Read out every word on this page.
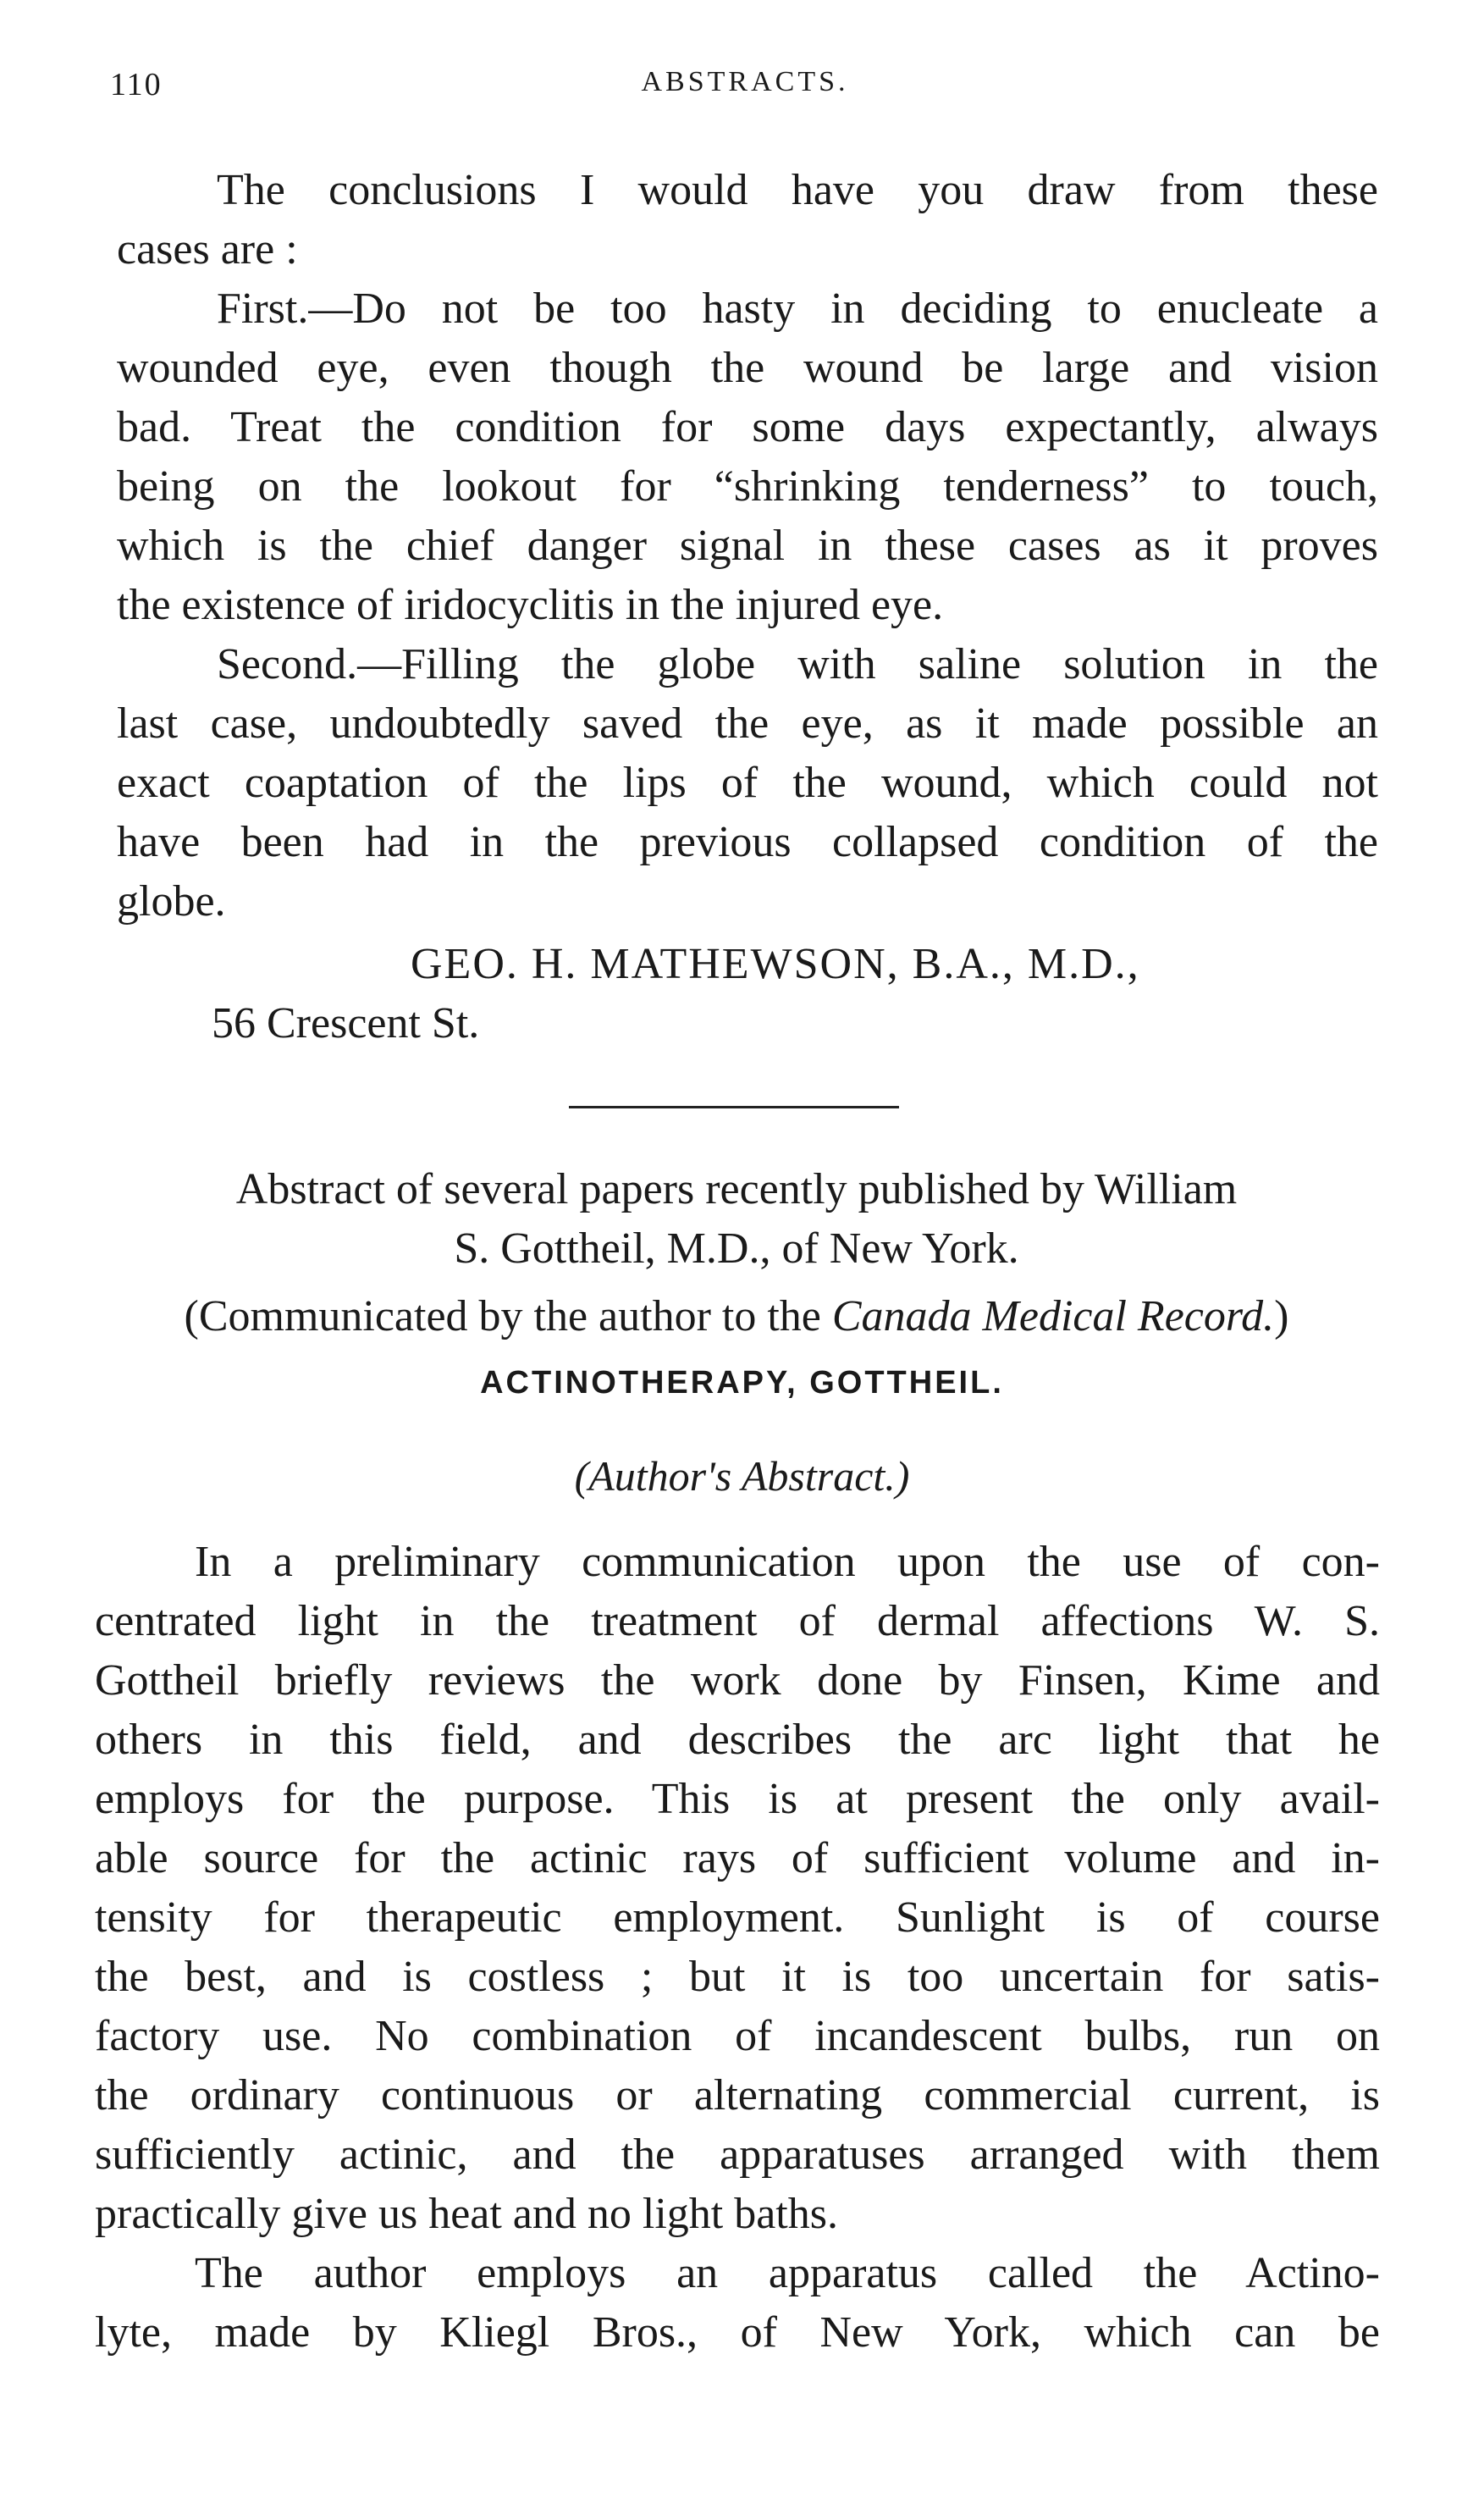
110	ABSTRACTS.
The conclusions I would have you draw from these
cases are :
First.—Do not be too hasty in deciding to enucleate a
wounded eye, even though the wound be large and vision
bad. Treat the condition for some days expectantly, always
being on the lookout for “shrinking tenderness” to touch,
which is the chief danger signal in these cases as it proves
the existence of iridocyclitis in the injured eye.
Second.—Filling the globe with saline solution in the
last case, undoubtedly saved the eye, as it made possible an
exact coaptation of the lips of the wound, which could not
have been had in the previous collapsed condition of the
globe.
GEO. H. MATHEWSON, B.A., M.D.,
56 Crescent St.
Abstract of several papers recently published by William
S. Gottheil, M.D., of New York.
(Communicated by the author to the Canada Medical Record.)
ACTINOTHERAPY, GOTTHEIL.
(Author's Abstract.)
In a preliminary communication upon the use of con-
centrated light in the treatment of dermal affections W. S.
Gottheil briefly reviews the work done by Finsen, Kime and
others in this field, and describes the arc light that he
employs for the purpose. This is at present the only avail-
able source for the actinic rays of sufficient volume and in-
tensity for therapeutic employment. Sunlight is of course
the best, and is costless ; but it is too uncertain for satis-
factory use. No combination of incandescent bulbs, run on
the ordinary continuous or alternating commercial current, is
sufficiently actinic, and the apparatuses arranged with them
practically give us heat and no light baths.
The author employs an apparatus called the Actino-
lyte, made by Kliegl Bros., of New York, which can be
